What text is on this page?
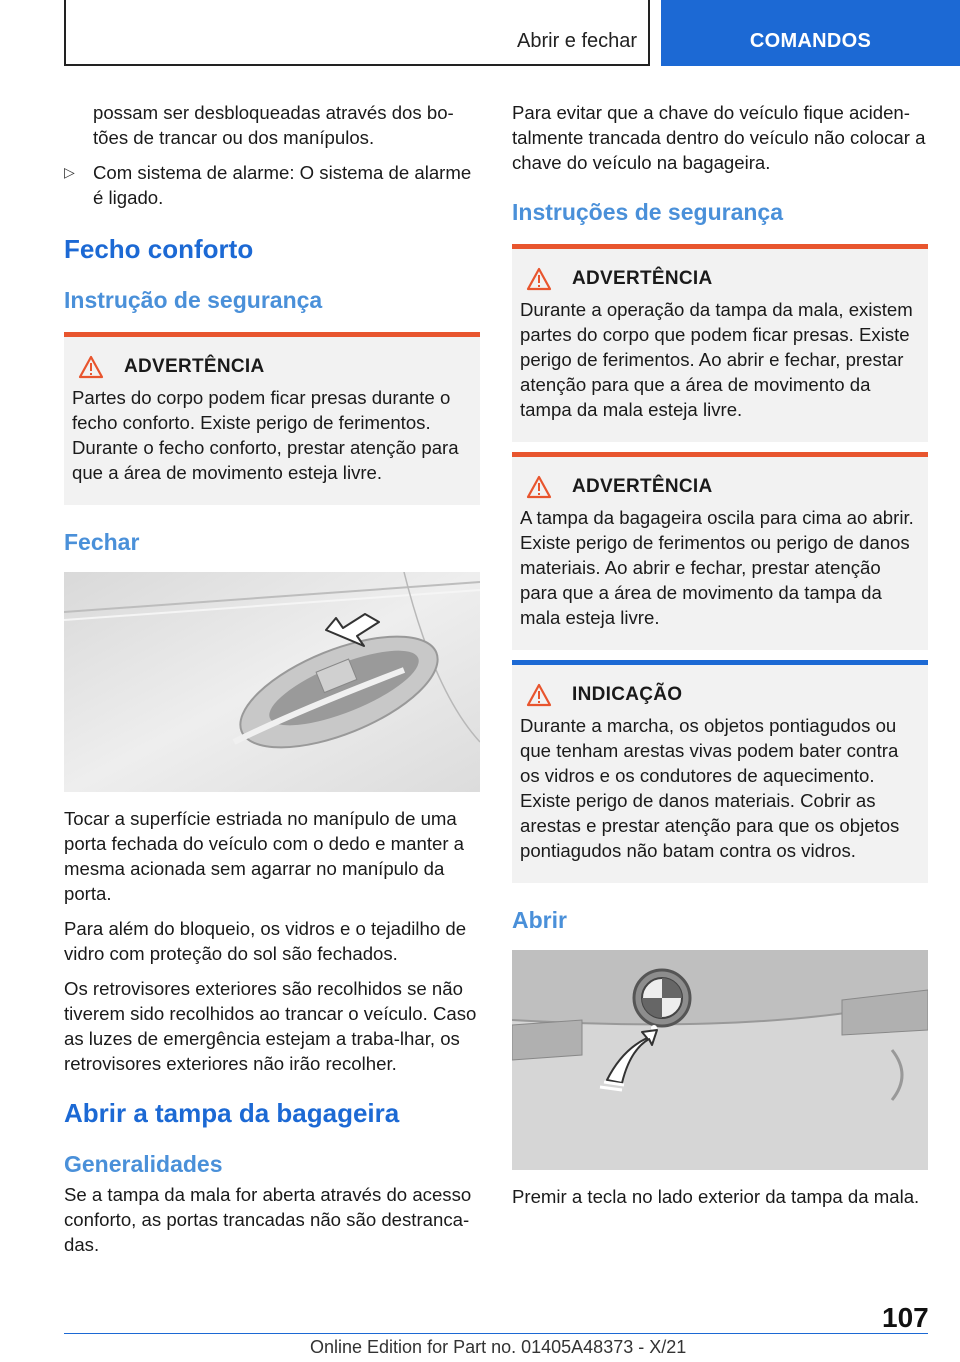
Abrir e fechar	COMANDOS
possam ser desbloqueadas através dos bo-tões de trancar ou dos manípulos.
▷ Com sistema de alarme: O sistema de alarme é ligado.
Fecho conforto
Instrução de segurança
ADVERTÊNCIA
Partes do corpo podem ficar presas durante o fecho conforto. Existe perigo de ferimentos. Durante o fecho conforto, prestar atenção para que a área de movimento esteja livre.
Fechar

Tocar a superfície estriada no manípulo de uma porta fechada do veículo com o dedo e manter a mesma acionada sem agarrar no manípulo da porta.

Para além do bloqueio, os vidros e o tejadilho de vidro com proteção do sol são fechados.

Os retrovisores exteriores são recolhidos se não tiverem sido recolhidos ao trancar o veículo. Caso as luzes de emergência estejam a traba-lhar, os retrovisores exteriores não irão recolher.

Abrir a tampa da bagageira
Generalidades

Se a tampa da mala for aberta através do acesso conforto, as portas trancadas não são destranca-das.

Para evitar que a chave do veículo fique aciden-talmente trancada dentro do veículo não colocar a chave do veículo na bagageira.

Instruções de segurança
ADVERTÊNCIA
Durante a operação da tampa da mala, existem partes do corpo que podem ficar presas. Existe perigo de ferimentos. Ao abrir e fechar, prestar atenção para que a área de movimento da tampa da mala esteja livre.
ADVERTÊNCIA
A tampa da bagageira oscila para cima ao abrir. Existe perigo de ferimentos ou perigo de danos materiais. Ao abrir e fechar, prestar atenção para que a área de movimento da tampa da mala esteja livre.
INDICAÇÃO
Durante a marcha, os objetos pontiagudos ou que tenham arestas vivas podem bater contra os vidros e os condutores de aquecimento. Existe perigo de danos materiais. Cobrir as arestas e prestar atenção para que os objetos pontiagudos não batam contra os vidros.
Abrir

Premir a tecla no lado exterior da tampa da mala.

107
Online Edition for Part no. 01405A48373 - X/21
